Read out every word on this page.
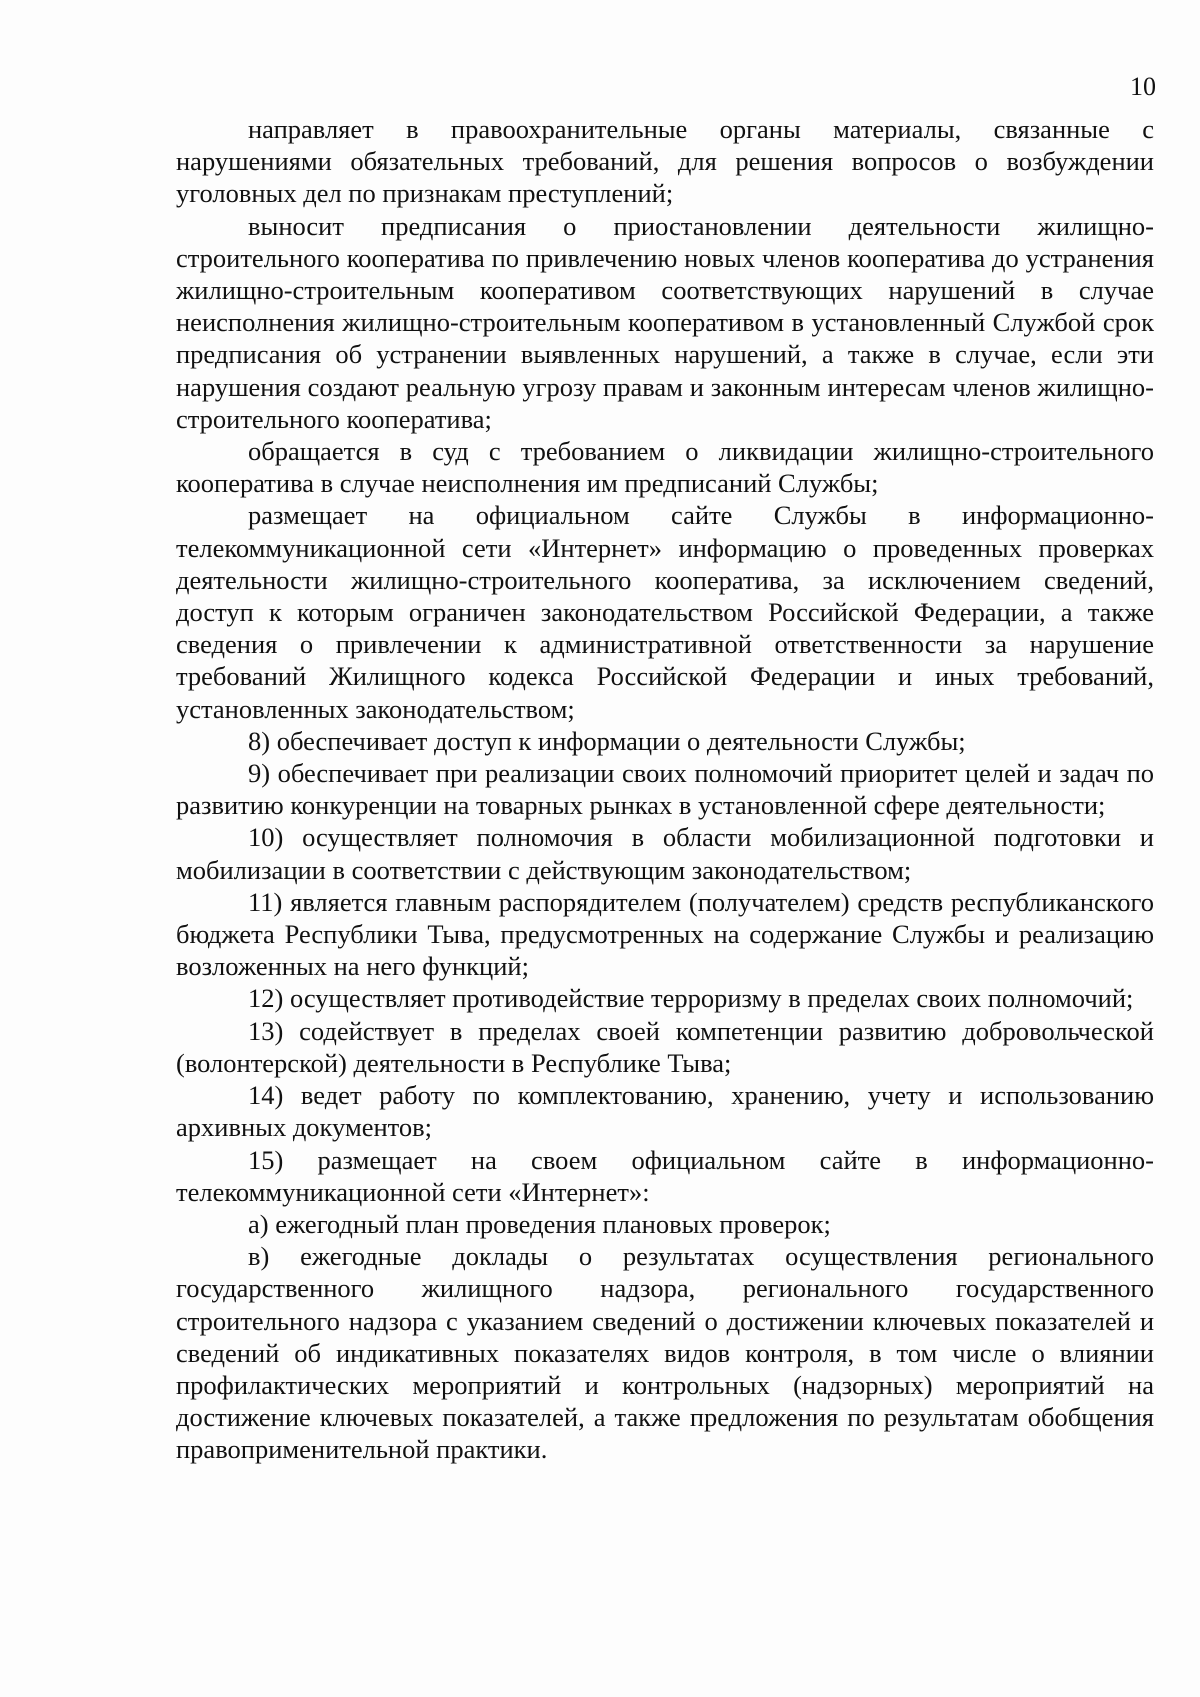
10

направляет в правоохранительные органы материалы, связанные с нарушениями обязательных требований, для решения вопросов о возбуждении уголовных дел по признакам преступлений;

выносит предписания о приостановлении деятельности жилищно-строительного кооператива по привлечению новых членов кооператива до устранения жилищно-строительным кооперативом соответствующих нарушений в случае неисполнения жилищно-строительным кооперативом в установленный Службой срок предписания об устранении выявленных нарушений, а также в случае, если эти нарушения создают реальную угрозу правам и законным интересам членов жилищно-строительного кооператива;

обращается в суд с требованием о ликвидации жилищно-строительного кооператива в случае неисполнения им предписаний Службы;

размещает на официальном сайте Службы в информационно-телекоммуникационной сети «Интернет» информацию о проведенных проверках деятельности жилищно-строительного кооператива, за исключением сведений, доступ к которым ограничен законодательством Российской Федерации, а также сведения о привлечении к административной ответственности за нарушение требований Жилищного кодекса Российской Федерации и иных требований, установленных законодательством;

8) обеспечивает доступ к информации о деятельности Службы;

9) обеспечивает при реализации своих полномочий приоритет целей и задач по развитию конкуренции на товарных рынках в установленной сфере деятельности;

10) осуществляет полномочия в области мобилизационной подготовки и мобилизации в соответствии с действующим законодательством;

11) является главным распорядителем (получателем) средств республиканского бюджета Республики Тыва, предусмотренных на содержание Службы и реализацию возложенных на него функций;

12) осуществляет противодействие терроризму в пределах своих полномочий;

13) содействует в пределах своей компетенции развитию добровольческой (волонтерской) деятельности в Республике Тыва;

14) ведет работу по комплектованию, хранению, учету и использованию архивных документов;

15) размещает на своем официальном сайте в информационно-телекоммуникационной сети «Интернет»:

а) ежегодный план проведения плановых проверок;

в) ежегодные доклады о результатах осуществления регионального государственного жилищного надзора, регионального государственного строительного надзора с указанием сведений о достижении ключевых показателей и сведений об индикативных показателях видов контроля, в том числе о влиянии профилактических мероприятий и контрольных (надзорных) мероприятий на достижение ключевых показателей, а также предложения по результатам обобщения правоприменительной практики.
